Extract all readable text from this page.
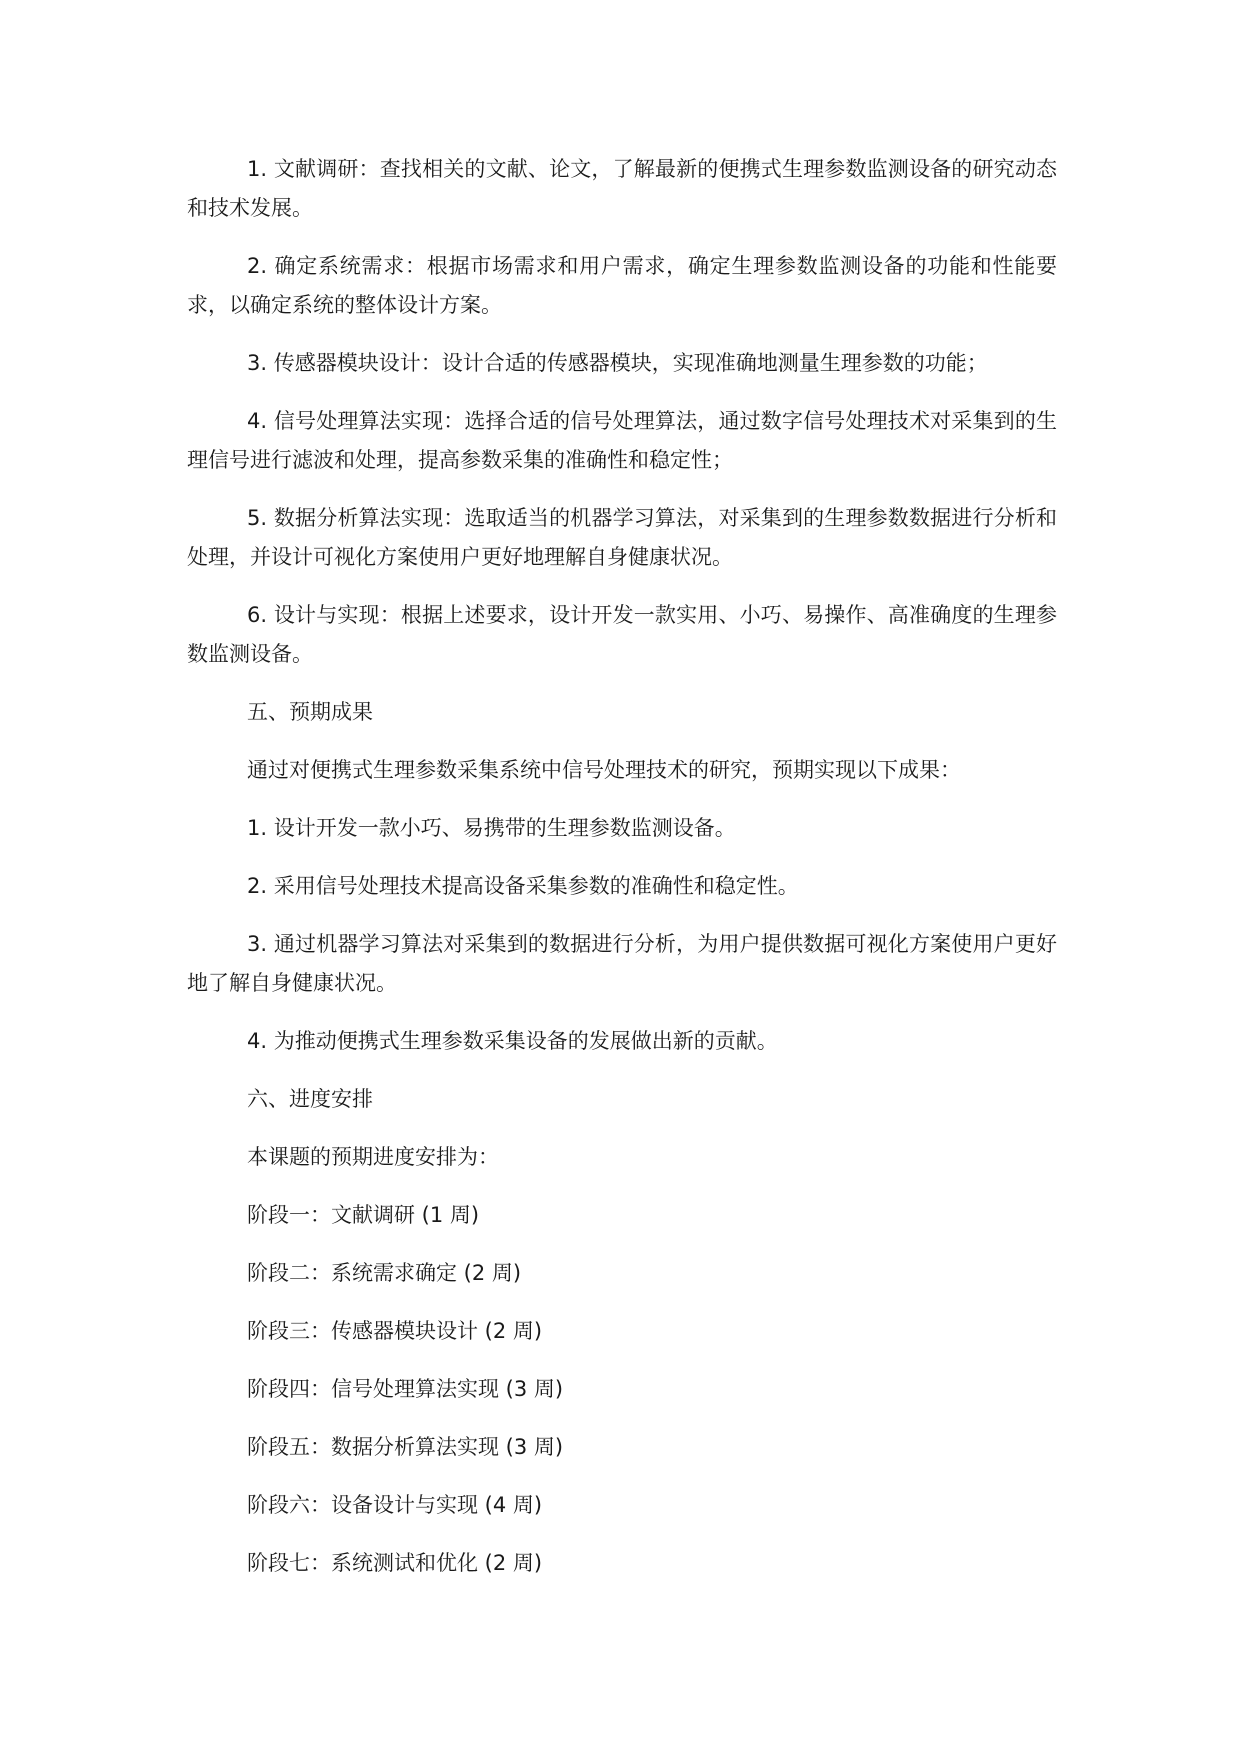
1. 文献调研：查找相关的文献、论文，了解最新的便携式生理参数监测设备的研究动态和技术发展。

2. 确定系统需求：根据市场需求和用户需求，确定生理参数监测设备的功能和性能要求，以确定系统的整体设计方案。

3. 传感器模块设计：设计合适的传感器模块，实现准确地测量生理参数的功能；

4. 信号处理算法实现：选择合适的信号处理算法，通过数字信号处理技术对采集到的生理信号进行滤波和处理，提高参数采集的准确性和稳定性；

5. 数据分析算法实现：选取适当的机器学习算法，对采集到的生理参数数据进行分析和处理，并设计可视化方案使用户更好地理解自身健康状况。

6. 设计与实现：根据上述要求，设计开发一款实用、小巧、易操作、高准确度的生理参数监测设备。

五、预期成果

通过对便携式生理参数采集系统中信号处理技术的研究，预期实现以下成果：

1. 设计开发一款小巧、易携带的生理参数监测设备。

2. 采用信号处理技术提高设备采集参数的准确性和稳定性。

3. 通过机器学习算法对采集到的数据进行分析，为用户提供数据可视化方案使用户更好地了解自身健康状况。

4. 为推动便携式生理参数采集设备的发展做出新的贡献。

六、进度安排

本课题的预期进度安排为：

阶段一：文献调研 (1 周)

阶段二：系统需求确定 (2 周)

阶段三：传感器模块设计 (2 周)

阶段四：信号处理算法实现 (3 周)

阶段五：数据分析算法实现 (3 周)

阶段六：设备设计与实现 (4 周)

阶段七：系统测试和优化 (2 周)
